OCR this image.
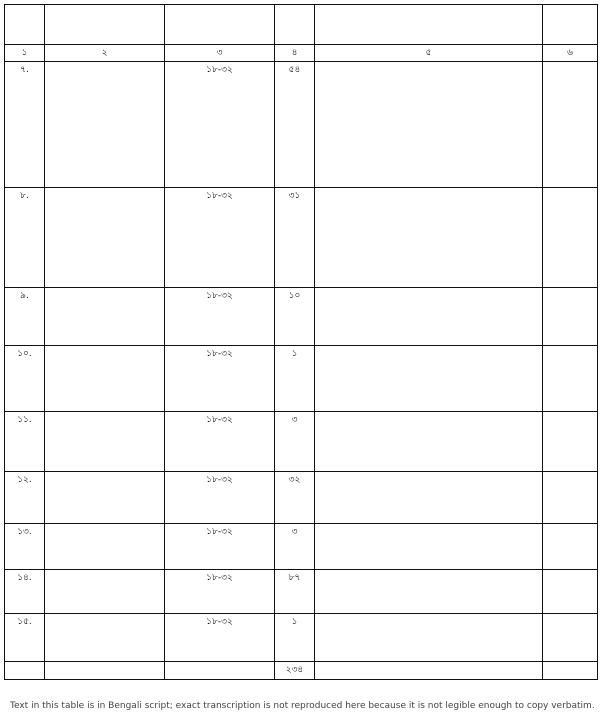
১	২	৩	৪	৫	৬
৭.		১৮-৩২	৫৪		
৮.		১৮-৩২	৩১		
৯.		১৮-৩২	১০		
১০.		১৮-৩২	১		
১১.		১৮-৩২	৩		
১২.		১৮-৩২	৩২		
১৩.		১৮-৩২	৩		
১৪.		১৮-৩২	৮৭		
১৫.		১৮-৩২	১		
			২৩৪		
Text in this table is in Bengali script; exact transcription is not reproduced here because it is not legible enough to copy verbatim.
